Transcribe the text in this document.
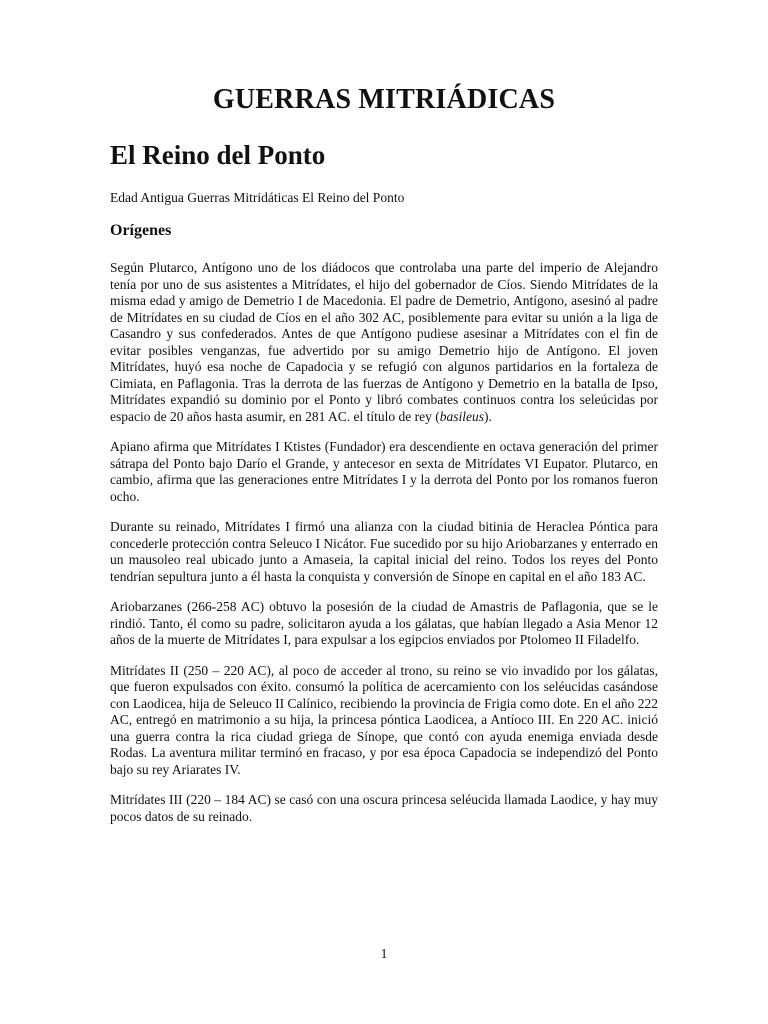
GUERRAS MITRIÁDICAS
El Reino del Ponto

Edad Antigua Guerras Mitridáticas El Reino del Ponto

Orígenes

Según Plutarco, Antígono uno de los diádocos que controlaba una parte del imperio de Alejandro tenía por uno de sus asistentes a Mitrídates, el hijo del gobernador de Cíos. Siendo Mitrídates de la misma edad y amigo de Demetrio I de Macedonia. El padre de Demetrio, Antígono, asesinó al padre de Mitrídates en su ciudad de Cíos en el año 302 AC, posiblemente para evitar su unión a la liga de Casandro y sus confederados. Antes de que Antígono pudiese asesinar a Mitrídates con el fin de evitar posibles venganzas, fue advertido por su amigo Demetrio hijo de Antígono. El joven Mitrídates, huyó esa noche de Capadocia y se refugió con algunos partidarios en la fortaleza de Cimiata, en Paflagonia. Tras la derrota de las fuerzas de Antígono y Demetrio en la batalla de Ipso, Mitrídates expandió su dominio por el Ponto y libró combates continuos contra los seleúcidas por espacio de 20 años hasta asumir, en 281 AC. el título de rey (basileus).

Apiano afirma que Mitrídates I Ktistes (Fundador) era descendiente en octava generación del primer sátrapa del Ponto bajo Darío el Grande, y antecesor en sexta de Mitrídates VI Eupator. Plutarco, en cambio, afirma que las generaciones entre Mitrídates I y la derrota del Ponto por los romanos fueron ocho.

Durante su reinado, Mitrídates I firmó una alianza con la ciudad bitinia de Heraclea Póntica para concederle protección contra Seleuco I Nicátor. Fue sucedido por su hijo Ariobarzanes y enterrado en un mausoleo real ubicado junto a Amaseia, la capital inicial del reino. Todos los reyes del Ponto tendrían sepultura junto a él hasta la conquista y conversión de Sínope en capital en el año 183 AC.

Ariobarzanes (266-258 AC) obtuvo la posesión de la ciudad de Amastris de Paflagonia, que se le rindió. Tanto, él como su padre, solicitaron ayuda a los gálatas, que habían llegado a Asia Menor 12 años de la muerte de Mitrídates I, para expulsar a los egipcios enviados por Ptolomeo II Filadelfo.

Mitrídates II (250 – 220 AC), al poco de acceder al trono, su reino se vio invadido por los gálatas, que fueron expulsados con éxito. consumó la política de acercamiento con los seléucidas casándose con Laodicea, hija de Seleuco II Calínico, recibiendo la provincia de Frigia como dote. En el año 222 AC, entregó en matrimonio a su hija, la princesa póntica Laodicea, a Antíoco III. En 220 AC. inició una guerra contra la rica ciudad griega de Sínope, que contó con ayuda enemiga enviada desde Rodas. La aventura militar terminó en fracaso, y por esa época Capadocia se independizó del Ponto bajo su rey Ariarates IV.

Mitrídates III (220 – 184 AC) se casó con una oscura princesa seléucida llamada Laodice, y hay muy pocos datos de su reinado.

1
